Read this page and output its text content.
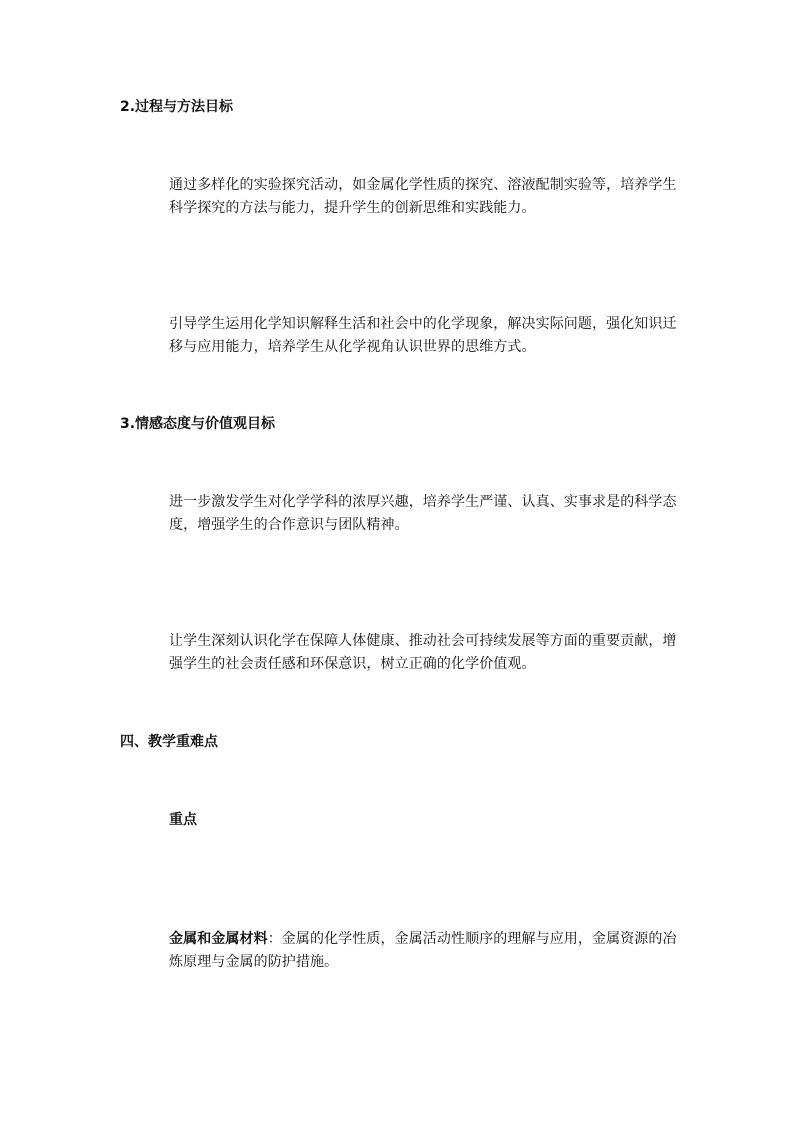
2.过程与方法目标
通过多样化的实验探究活动，如金属化学性质的探究、溶液配制实验等，培养学生科学探究的方法与能力，提升学生的创新思维和实践能力。
引导学生运用化学知识解释生活和社会中的化学现象，解决实际问题，强化知识迁移与应用能力，培养学生从化学视角认识世界的思维方式。
3.情感态度与价值观目标
进一步激发学生对化学学科的浓厚兴趣，培养学生严谨、认真、实事求是的科学态度，增强学生的合作意识与团队精神。
让学生深刻认识化学在保障人体健康、推动社会可持续发展等方面的重要贡献，增强学生的社会责任感和环保意识，树立正确的化学价值观。
四、教学重难点
重点
金属和金属材料：金属的化学性质，金属活动性顺序的理解与应用，金属资源的冶炼原理与金属的防护措施。
